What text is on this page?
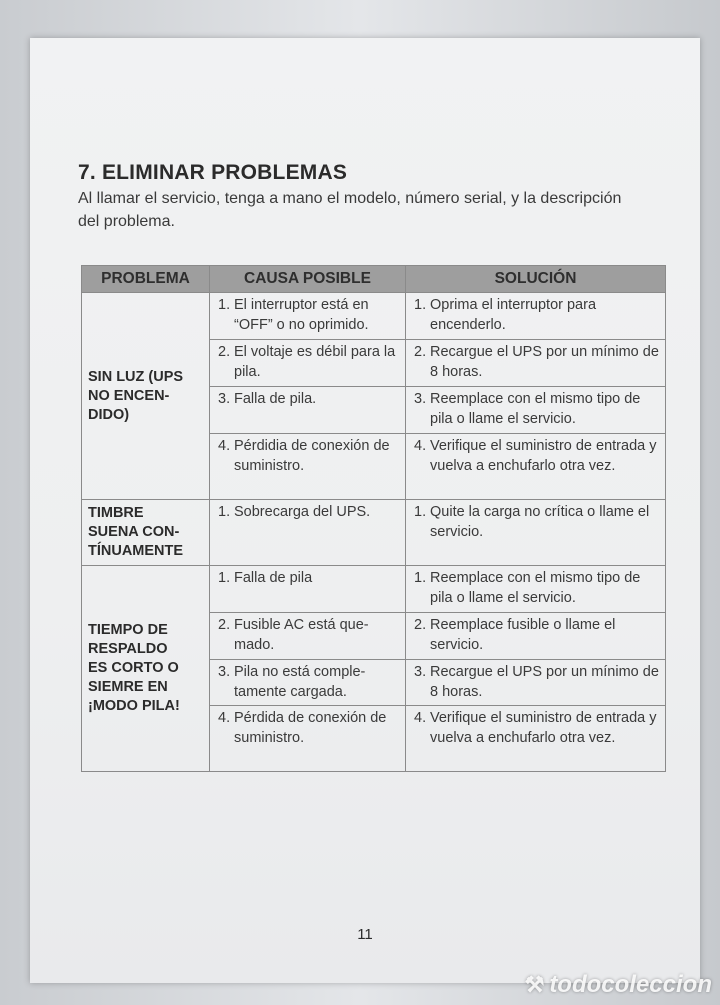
7. ELIMINAR PROBLEMAS

Al llamar el servicio, tenga a mano el modelo, número serial, y la descripción del problema.

PROBLEMA	CAUSA POSIBLE	SOLUCIÓN

SIN LUZ (UPS
NO ENCEN-
DIDO)	1. El interruptor está en “OFF” o no oprimido.	1. Oprima el interruptor para encenderlo.

	2. El voltaje es débil para la pila.	2. Recargue el UPS por un mínimo de 8 horas.

	3. Falla de pila.	3. Reemplace con el mismo tipo de pila o llame el servicio.

	4. Pérdidia de conexión de suministro.	4. Verifique el suministro de entrada y vuelva a enchufarlo otra vez.

TIMBRE
SUENA CON-
TÍNUAMENTE	1. Sobrecarga del UPS.	1. Quite la carga no crítica o llame el servicio.

TIEMPO DE
RESPALDO
ES CORTO O
SIEMRE EN
¡MODO PILA!	1. Falla de pila	1. Reemplace con el mismo tipo de pila o llame el servicio.

	2. Fusible AC está que-mado.	2. Reemplace fusible o llame el servicio.

	3. Pila no está comple-tamente cargada.	3. Recargue el UPS por un mínimo de 8 horas.

	4. Pérdida de conexión de suministro.	4. Verifique el suministro de entrada y vuelva a enchufarlo otra vez.
11
⚒ todocoleccion
